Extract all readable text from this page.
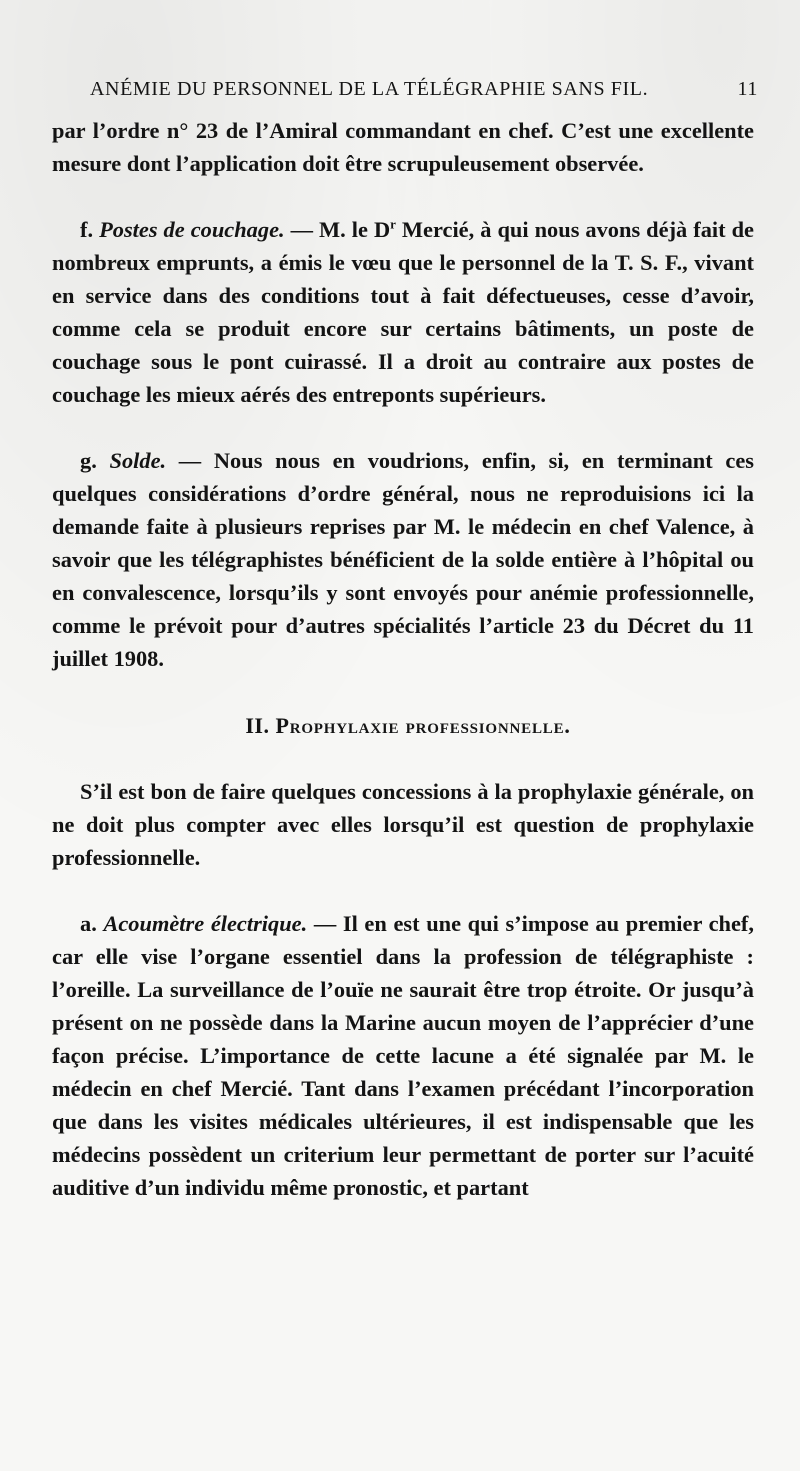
ANÉMIE DU PERSONNEL DE LA TÉLÉGRAPHIE SANS FIL.	11

par l’ordre n° 23 de l’Amiral commandant en chef. C’est une excellente mesure dont l’application doit être scrupuleusement observée.

f. Postes de couchage. — M. le $D^r$ Mercié, à qui nous avons déjà fait de nombreux emprunts, a émis le vœu que le personnel de la T. S. F., vivant en service dans des conditions tout à fait défectueuses, cesse d’avoir, comme cela se produit encore sur certains bâtiments, un poste de couchage sous le pont cuirassé. Il a droit au contraire aux postes de couchage les mieux aérés des entreponts supérieurs.

g. Solde. — Nous nous en voudrions, enfin, si, en terminant ces quelques considérations d’ordre général, nous ne reproduisions ici la demande faite à plusieurs reprises par M. le médecin en chef Valence, à savoir que les télégraphistes bénéficient de la solde entière à l’hôpital ou en convalescence, lorsqu’ils y sont envoyés pour anémie professionnelle, comme le prévoit pour d’autres spécialités l’article 23 du Décret du 11 juillet 1908.

II. Prophylaxie professionnelle.

S’il est bon de faire quelques concessions à la prophylaxie générale, on ne doit plus compter avec elles lorsqu’il est question de prophylaxie professionnelle.

a. Acoumètre électrique. — Il en est une qui s’impose au premier chef, car elle vise l’organe essentiel dans la profession de télégraphiste : l’oreille. La surveillance de l’ouïe ne saurait être trop étroite. Or jusqu’à présent on ne possède dans la Marine aucun moyen de l’apprécier d’une façon précise. L’importance de cette lacune a été signalée par M. le médecin en chef Mercié. Tant dans l’examen précédant l’incorporation que dans les visites médicales ultérieures, il est indispensable que les médecins possèdent un criterium leur permettant de porter sur l’acuité auditive d’un individu même pronostic, et partant
